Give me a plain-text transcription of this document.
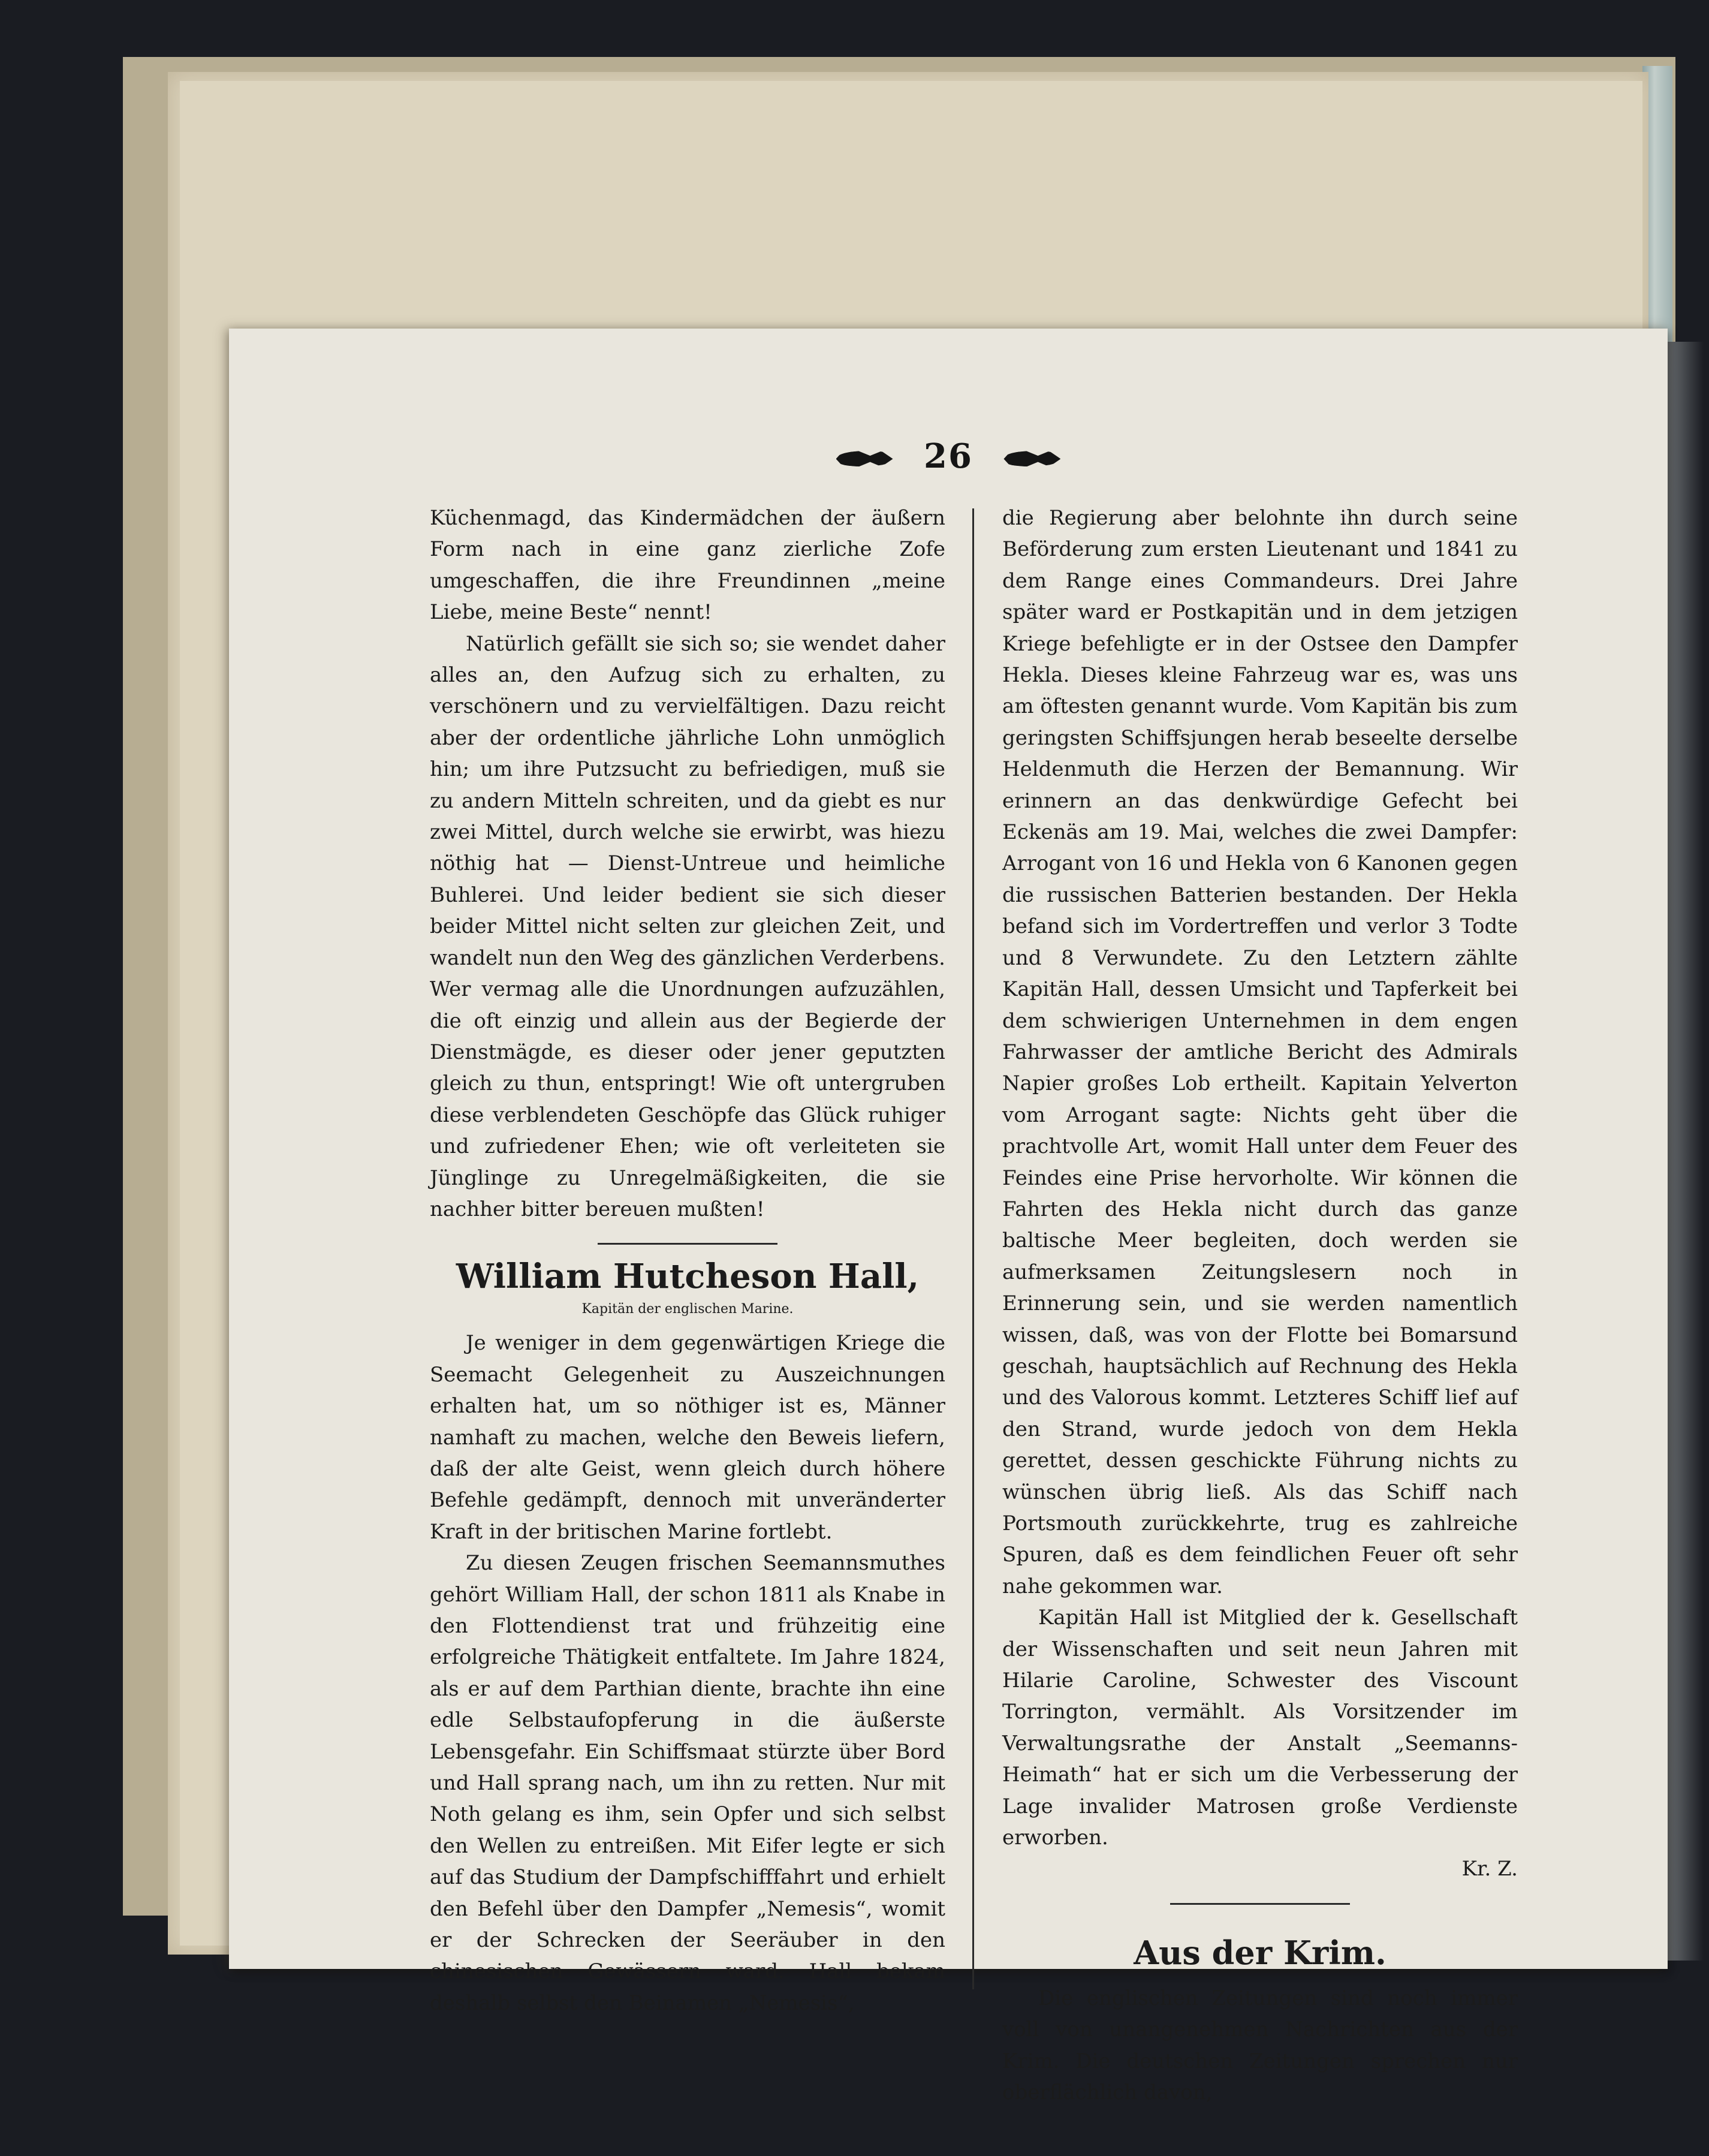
26

Küchenmagd, das Kindermädchen der äußern Form nach in eine ganz zierliche Zofe umgeschaffen, die ihre Freundinnen „meine Liebe, meine Beste“ nennt!

Natürlich gefällt sie sich so; sie wendet daher alles an, den Aufzug sich zu erhalten, zu verschönern und zu vervielfältigen. Dazu reicht aber der ordentliche jährliche Lohn unmöglich hin; um ihre Putzsucht zu befriedigen, muß sie zu andern Mitteln schreiten, und da giebt es nur zwei Mittel, durch welche sie erwirbt, was hiezu nöthig hat — Dienst-Untreue und heimliche Buhlerei. Und leider bedient sie sich dieser beider Mittel nicht selten zur gleichen Zeit, und wandelt nun den Weg des gänzlichen Verderbens. Wer vermag alle die Unordnungen aufzuzählen, die oft einzig und allein aus der Begierde der Dienstmägde, es dieser oder jener geputzten gleich zu thun, entspringt! Wie oft untergruben diese verblendeten Geschöpfe das Glück ruhiger und zufriedener Ehen; wie oft verleiteten sie Jünglinge zu Unregelmäßigkeiten, die sie nachher bitter bereuen mußten!

William Hutcheson Hall,
Kapitän der englischen Marine.

Je weniger in dem gegenwärtigen Kriege die Seemacht Gelegenheit zu Auszeichnungen erhalten hat, um so nöthiger ist es, Männer namhaft zu machen, welche den Beweis liefern, daß der alte Geist, wenn gleich durch höhere Befehle gedämpft, dennoch mit unveränderter Kraft in der britischen Marine fortlebt.

Zu diesen Zeugen frischen Seemannsmuthes gehört William Hall, der schon 1811 als Knabe in den Flottendienst trat und frühzeitig eine erfolgreiche Thätigkeit entfaltete. Im Jahre 1824, als er auf dem Parthian diente, brachte ihn eine edle Selbstaufopferung in die äußerste Lebensgefahr. Ein Schiffsmaat stürzte über Bord und Hall sprang nach, um ihn zu retten. Nur mit Noth gelang es ihm, sein Opfer und sich selbst den Wellen zu entreißen. Mit Eifer legte er sich auf das Studium der Dampfschifffahrt und erhielt den Befehl über den Dampfer „Nemesis“, womit er der Schrecken der Seeräuber in den chinesischen Gewässern ward. Hall bekam deshalb selbst den Beinamen „Nemesis“,

die Regierung aber belohnte ihn durch seine Beförderung zum ersten Lieutenant und 1841 zu dem Range eines Commandeurs. Drei Jahre später ward er Postkapitän und in dem jetzigen Kriege befehligte er in der Ostsee den Dampfer Hekla. Dieses kleine Fahrzeug war es, was uns am öftesten genannt wurde. Vom Kapitän bis zum geringsten Schiffsjungen herab beseelte derselbe Heldenmuth die Herzen der Bemannung. Wir erinnern an das denkwürdige Gefecht bei Eckenäs am 19. Mai, welches die zwei Dampfer: Arrogant von 16 und Hekla von 6 Kanonen gegen die russischen Batterien bestanden. Der Hekla befand sich im Vordertreffen und verlor 3 Todte und 8 Verwundete. Zu den Letztern zählte Kapitän Hall, dessen Umsicht und Tapferkeit bei dem schwierigen Unternehmen in dem engen Fahrwasser der amtliche Bericht des Admirals Napier großes Lob ertheilt. Kapitain Yelverton vom Arrogant sagte: Nichts geht über die prachtvolle Art, womit Hall unter dem Feuer des Feindes eine Prise hervorholte. Wir können die Fahrten des Hekla nicht durch das ganze baltische Meer begleiten, doch werden sie aufmerksamen Zeitungslesern noch in Erinnerung sein, und sie werden namentlich wissen, daß, was von der Flotte bei Bomarsund geschah, hauptsächlich auf Rechnung des Hekla und des Valorous kommt. Letzteres Schiff lief auf den Strand, wurde jedoch von dem Hekla gerettet, dessen geschickte Führung nichts zu wünschen übrig ließ. Als das Schiff nach Portsmouth zurückkehrte, trug es zahlreiche Spuren, daß es dem feindlichen Feuer oft sehr nahe gekommen war.

Kapitän Hall ist Mitglied der k. Gesellschaft der Wissenschaften und seit neun Jahren mit Hilarie Caroline, Schwester des Viscount Torrington, vermählt. Als Vorsitzender im Verwaltungsrathe der Anstalt „Seemanns-Heimath“ hat er sich um die Verbesserung der Lage invalider Matrosen große Verdienste erworben.

Kr. Z.

Aus der Krim.

Die englischen Zeitungen sind noch immer voll von unangenehmen Nachrichten aus der Krim. Die deutschen Zeitungen sprechen nur oberflächlich davon,
